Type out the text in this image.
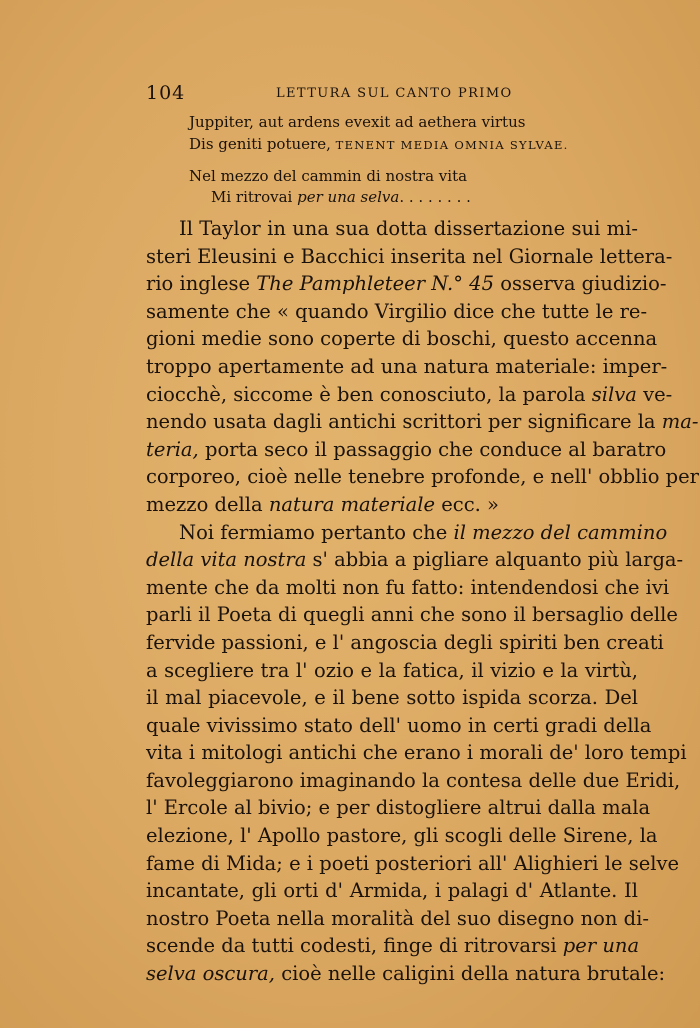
104	LETTURA SUL CANTO PRIMO
Juppiter, aut ardens evexit ad aethera virtus
Dis geniti potuere, TENENT MEDIA OMNIA SYLVAE.
Nel mezzo del cammin di nostra vita
Mi ritrovai per una selva. . . . . . . .
Il Taylor in una sua dotta dissertazione sui mi-
steri Eleusini e Bacchici inserita nel Giornale lettera-
rio inglese The Pamphleteer N.° 45 osserva giudizio-
samente che « quando Virgilio dice che tutte le re-
gioni medie sono coperte di boschi, questo accenna
troppo apertamente ad una natura materiale: imper-
ciocchè, siccome è ben conosciuto, la parola silva ve-
nendo usata dagli antichi scrittori per significare la ma-
teria, porta seco il passaggio che conduce al baratro
corporeo, cioè nelle tenebre profonde, e nell' obblio per
mezzo della natura materiale ecc. »
Noi fermiamo pertanto che il mezzo del cammino
della vita nostra s' abbia a pigliare alquanto più larga-
mente che da molti non fu fatto: intendendosi che ivi
parli il Poeta di quegli anni che sono il bersaglio delle
fervide passioni, e l' angoscia degli spiriti ben creati
a scegliere tra l' ozio e la fatica, il vizio e la virtù,
il mal piacevole, e il bene sotto ispida scorza. Del
quale vivissimo stato dell' uomo in certi gradi della
vita i mitologi antichi che erano i morali de' loro tempi
favoleggiarono imaginando la contesa delle due Eridi,
l' Ercole al bivio; e per distogliere altrui dalla mala
elezione, l' Apollo pastore, gli scogli delle Sirene, la
fame di Mida; e i poeti posteriori all' Alighieri le selve
incantate, gli orti d' Armida, i palagi d' Atlante. Il
nostro Poeta nella moralità del suo disegno non di-
scende da tutti codesti, finge di ritrovarsi per una
selva oscura, cioè nelle caligini della natura brutale:
